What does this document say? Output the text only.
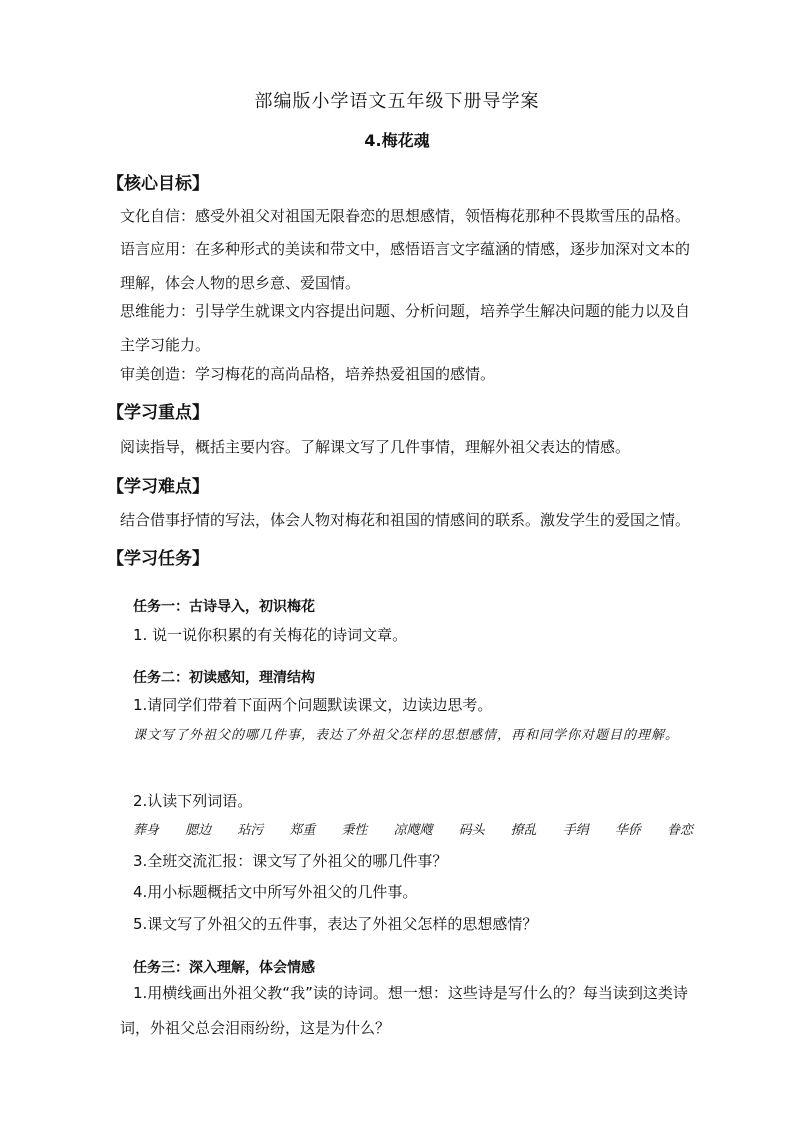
部编版小学语文五年级下册导学案
4.梅花魂
【核心目标】
文化自信：感受外祖父对祖国无限眷恋的思想感情，领悟梅花那种不畏欺雪压的品格。
语言应用：在多种形式的美读和带文中，感悟语言文字蕴涵的情感，逐步加深对文本的理解，体会人物的思乡意、爱国情。
思维能力：引导学生就课文内容提出问题、分析问题，培养学生解决问题的能力以及自主学习能力。
审美创造：学习梅花的高尚品格，培养热爱祖国的感情。
【学习重点】
阅读指导，概括主要内容。了解课文写了几件事情，理解外祖父表达的情感。
【学习难点】
结合借事抒情的写法，体会人物对梅花和祖国的情感间的联系。激发学生的爱国之情。
【学习任务】
任务一：古诗导入，初识梅花
1. 说一说你积累的有关梅花的诗词文章。
任务二：初读感知，理清结构
1.请同学们带着下面两个问题默读课文，边读边思考。
课文写了外祖父的哪几件事，表达了外祖父怎样的思想感情，再和同学你对题目的理解。
2.认读下列词语。
葬身 腮边 玷污 郑重 秉性 凉飕飕 码头 撩乱 手绢 华侨 眷恋
3.全班交流汇报：课文写了外祖父的哪几件事？
4.用小标题概括文中所写外祖父的几件事。
5.课文写了外祖父的五件事，表达了外祖父怎样的思想感情？
任务三：深入理解，体会情感
1.用横线画出外祖父教“我”读的诗词。想一想：这些诗是写什么的？每当读到这类诗词，外祖父总会泪雨纷纷，这是为什么？
